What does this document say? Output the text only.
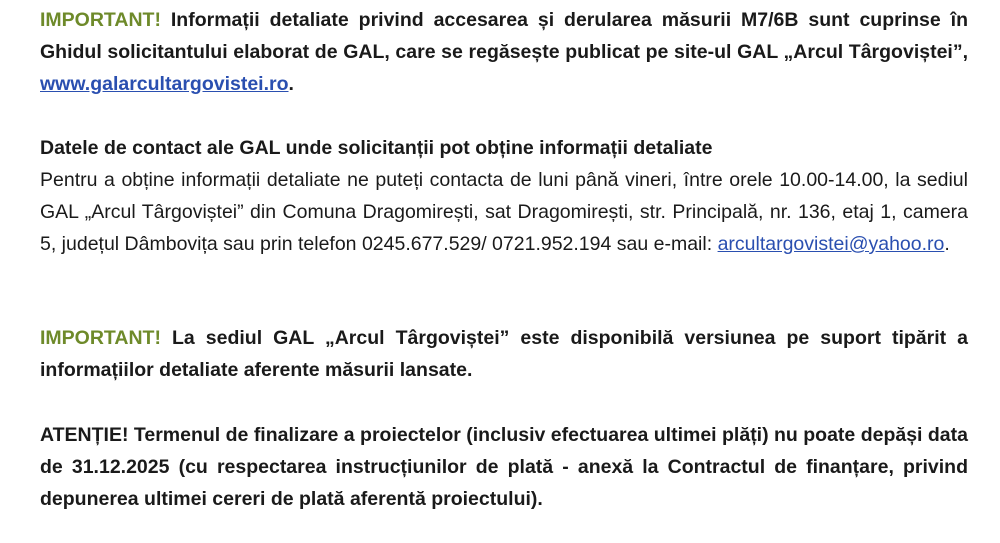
IMPORTANT! Informații detaliate privind accesarea și derularea măsurii M7/6B sunt cuprinse în Ghidul solicitantului elaborat de GAL, care se regăsește publicat pe site-ul GAL „Arcul Târgoviștei”, www.galarcultargovistei.ro.

Datele de contact ale GAL unde solicitanții pot obține informații detaliate

Pentru a obține informații detaliate ne puteți contacta de luni până vineri, între orele 10.00-14.00, la sediul GAL „Arcul Târgoviștei” din Comuna Dragomirești, sat Dragomirești, str. Principală, nr. 136, etaj 1, camera 5, județul Dâmbovița sau prin telefon 0245.677.529/ 0721.952.194 sau e-mail: arcultargovistei@yahoo.ro.

IMPORTANT! La sediul GAL „Arcul Târgoviștei” este disponibilă versiunea pe suport tipărit a informațiilor detaliate aferente măsurii lansate.

ATENȚIE! Termenul de finalizare a proiectelor (inclusiv efectuarea ultimei plăți) nu poate depăși data de 31.12.2025 (cu respectarea instrucțiunilor de plată - anexă la Contractul de finanțare, privind depunerea ultimei cereri de plată aferentă proiectului).
